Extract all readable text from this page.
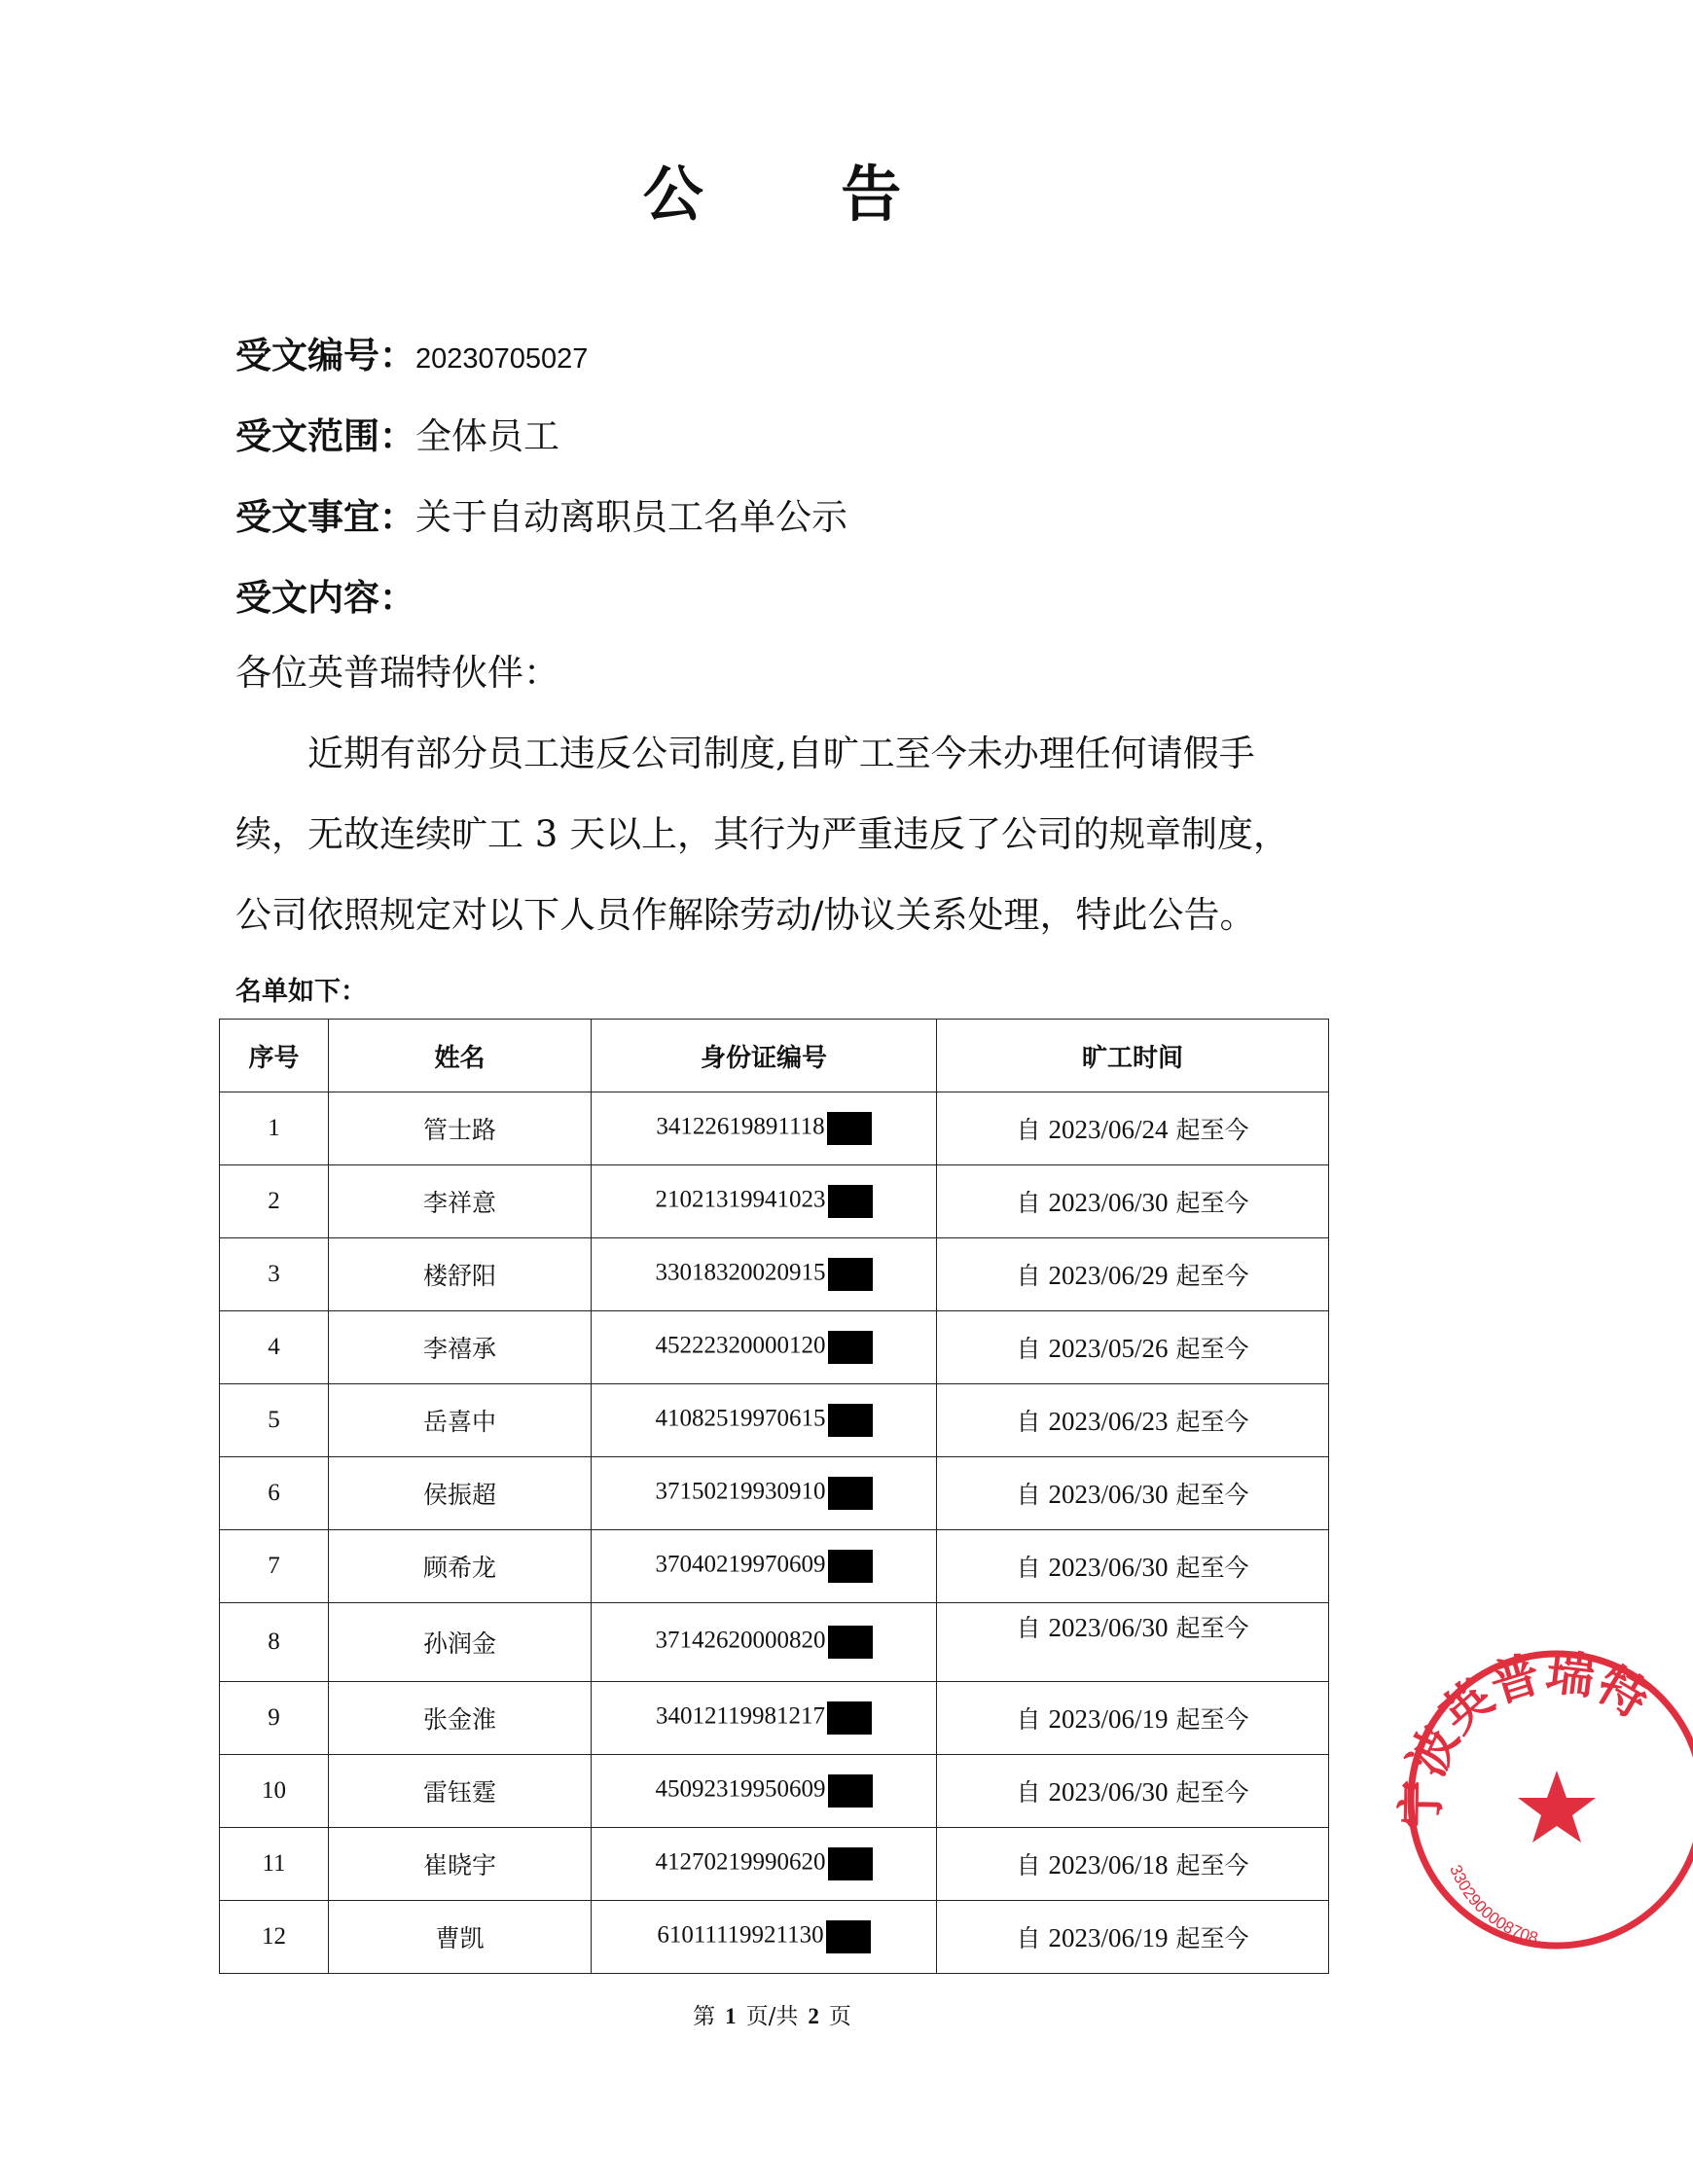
公 告
受文编号：20230705027
受文范围：全体员工
受文事宜：关于自动离职员工名单公示
受文内容：
各位英普瑞特伙伴：
近期有部分员工违反公司制度,自旷工至今未办理任何请假手续，无故连续旷工 3 天以上，其行为严重违反了公司的规章制度，公司依照规定对以下人员作解除劳动/协议关系处理，特此公告。
名单如下：
序号	姓名	身份证编号	旷工时间
1	管士路	34122619891118	自 2023/06/24 起至今
2	李祥意	21021319941023	自 2023/06/30 起至今
3	楼舒阳	33018320020915	自 2023/06/29 起至今
4	李禧承	45222320000120	自 2023/05/26 起至今
5	岳喜中	41082519970615	自 2023/06/23 起至今
6	侯振超	37150219930910	自 2023/06/30 起至今
7	顾希龙	37040219970609	自 2023/06/30 起至今
8	孙润金	37142620000820	自 2023/06/30 起至今
9	张金淮	34012119981217	自 2023/06/19 起至今
10	雷钰霆	45092319950609	自 2023/06/30 起至今
11	崔晓宇	41270219990620	自 2023/06/18 起至今
12	曹凯	61011119921130	自 2023/06/19 起至今
第 1 页/共 2 页
宁波英普瑞特
3302900008708
